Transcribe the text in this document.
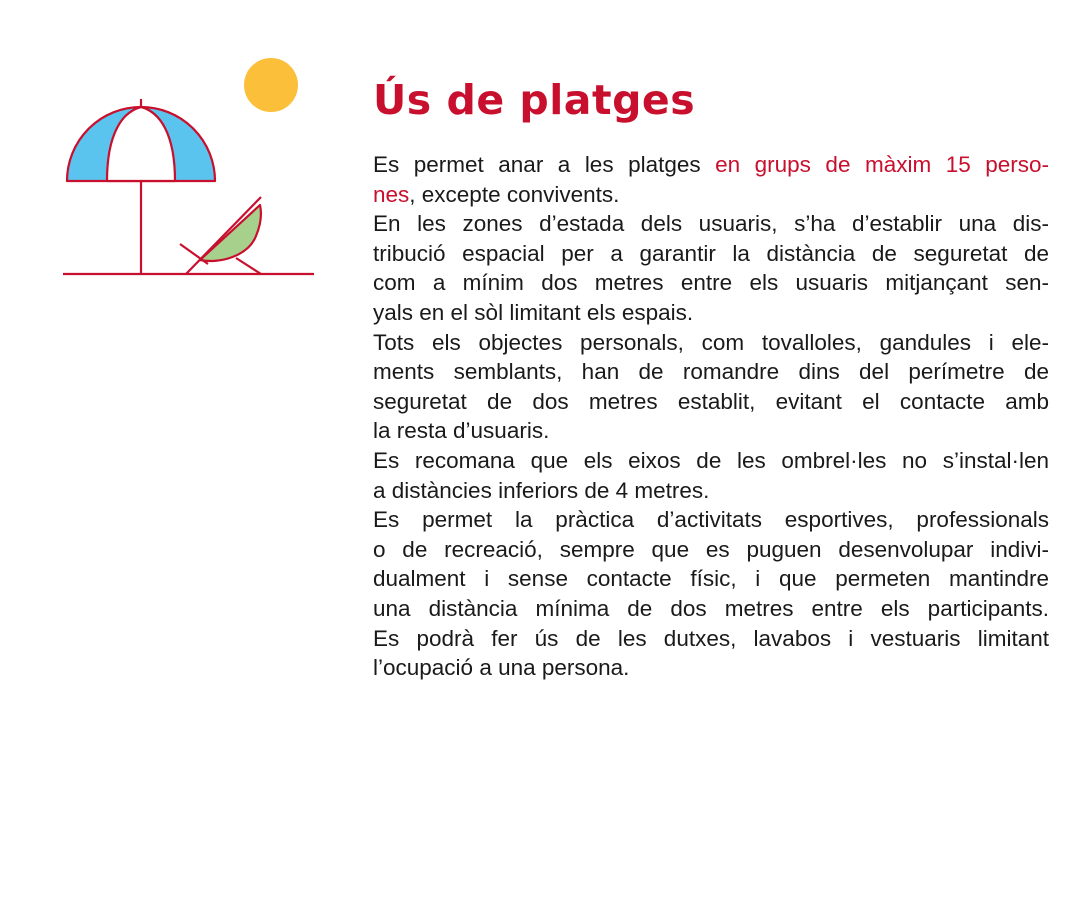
Ús de platges
Es permet anar a les platges en grups de màxim 15 perso-
nes, excepte convivents.
En les zones d’estada dels usuaris, s’ha d’establir una dis-
tribució espacial per a garantir la distància de seguretat de
com a mínim dos metres entre els usuaris mitjançant sen-
yals en el sòl limitant els espais.
Tots els objectes personals, com tovalloles, gandules i ele-
ments semblants, han de romandre dins del perímetre de
seguretat de dos metres establit, evitant el contacte amb
la resta d’usuaris.
Es recomana que els eixos de les ombrel·les no s’instal·len
a distàncies inferiors de 4 metres.
Es permet la pràctica d’activitats esportives, professionals
o de recreació, sempre que es puguen desenvolupar indivi-
dualment i sense contacte físic, i que permeten mantindre
una distància mínima de dos metres entre els participants.
Es podrà fer ús de les dutxes, lavabos i vestuaris limitant
l’ocupació a una persona.
